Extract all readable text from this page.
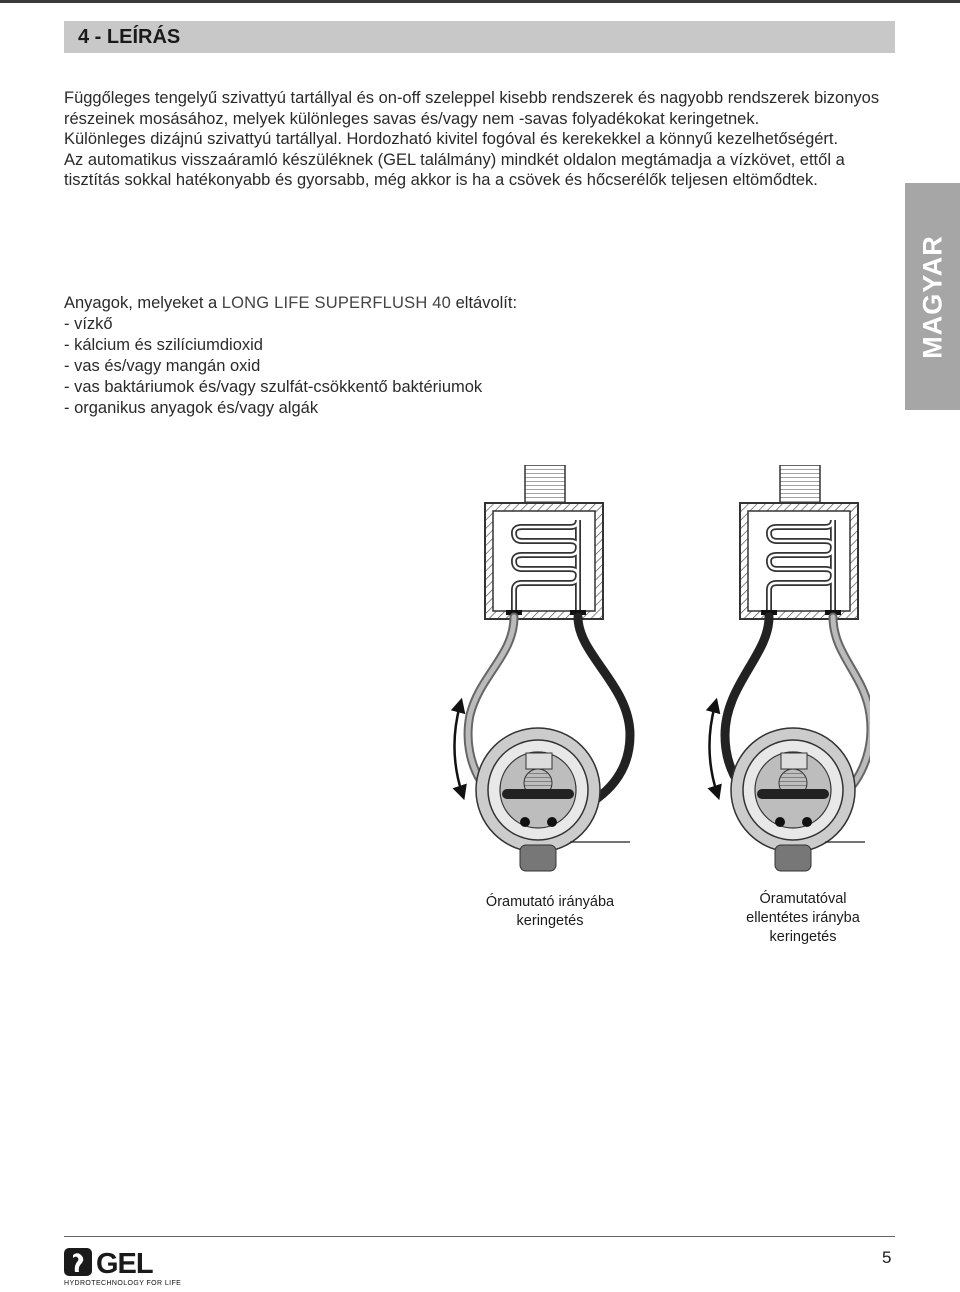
4 - LEÍRÁS
MAGYAR

Függőleges tengelyű szivattyú tartállyal és on-off szeleppel kisebb rendszerek és nagyobb rendszerek bizonyos részeinek mosásához, melyek különleges savas és/vagy nem -savas folyadékokat keringetnek.

Különleges dizájnú szivattyú tartállyal. Hordozható kivitel fogóval és kerekekkel a könnyű kezelhetőségért.

Az automatikus visszaáramló készüléknek (GEL találmány) mindkét oldalon megtámadja a vízkövet, ettől a tisztítás sokkal hatékonyabb és gyorsabb, még akkor is ha a csövek és hőcserélők teljesen eltömődtek.

Anyagok, melyeket a LONG LIFE SUPERFLUSH 40 eltávolít:

- vízkő

- kálcium és szilíciumdioxid

- vas és/vagy mangán oxid

- vas baktáriumok és/vagy szulfát-csökkentő baktériumok

- organikus anyagok és/vagy algák

Óramutató irányába
keringetés
Óramutatóval
ellentétes irányba
keringetés
GEL
HYDROTECHNOLOGY FOR LIFE
5
